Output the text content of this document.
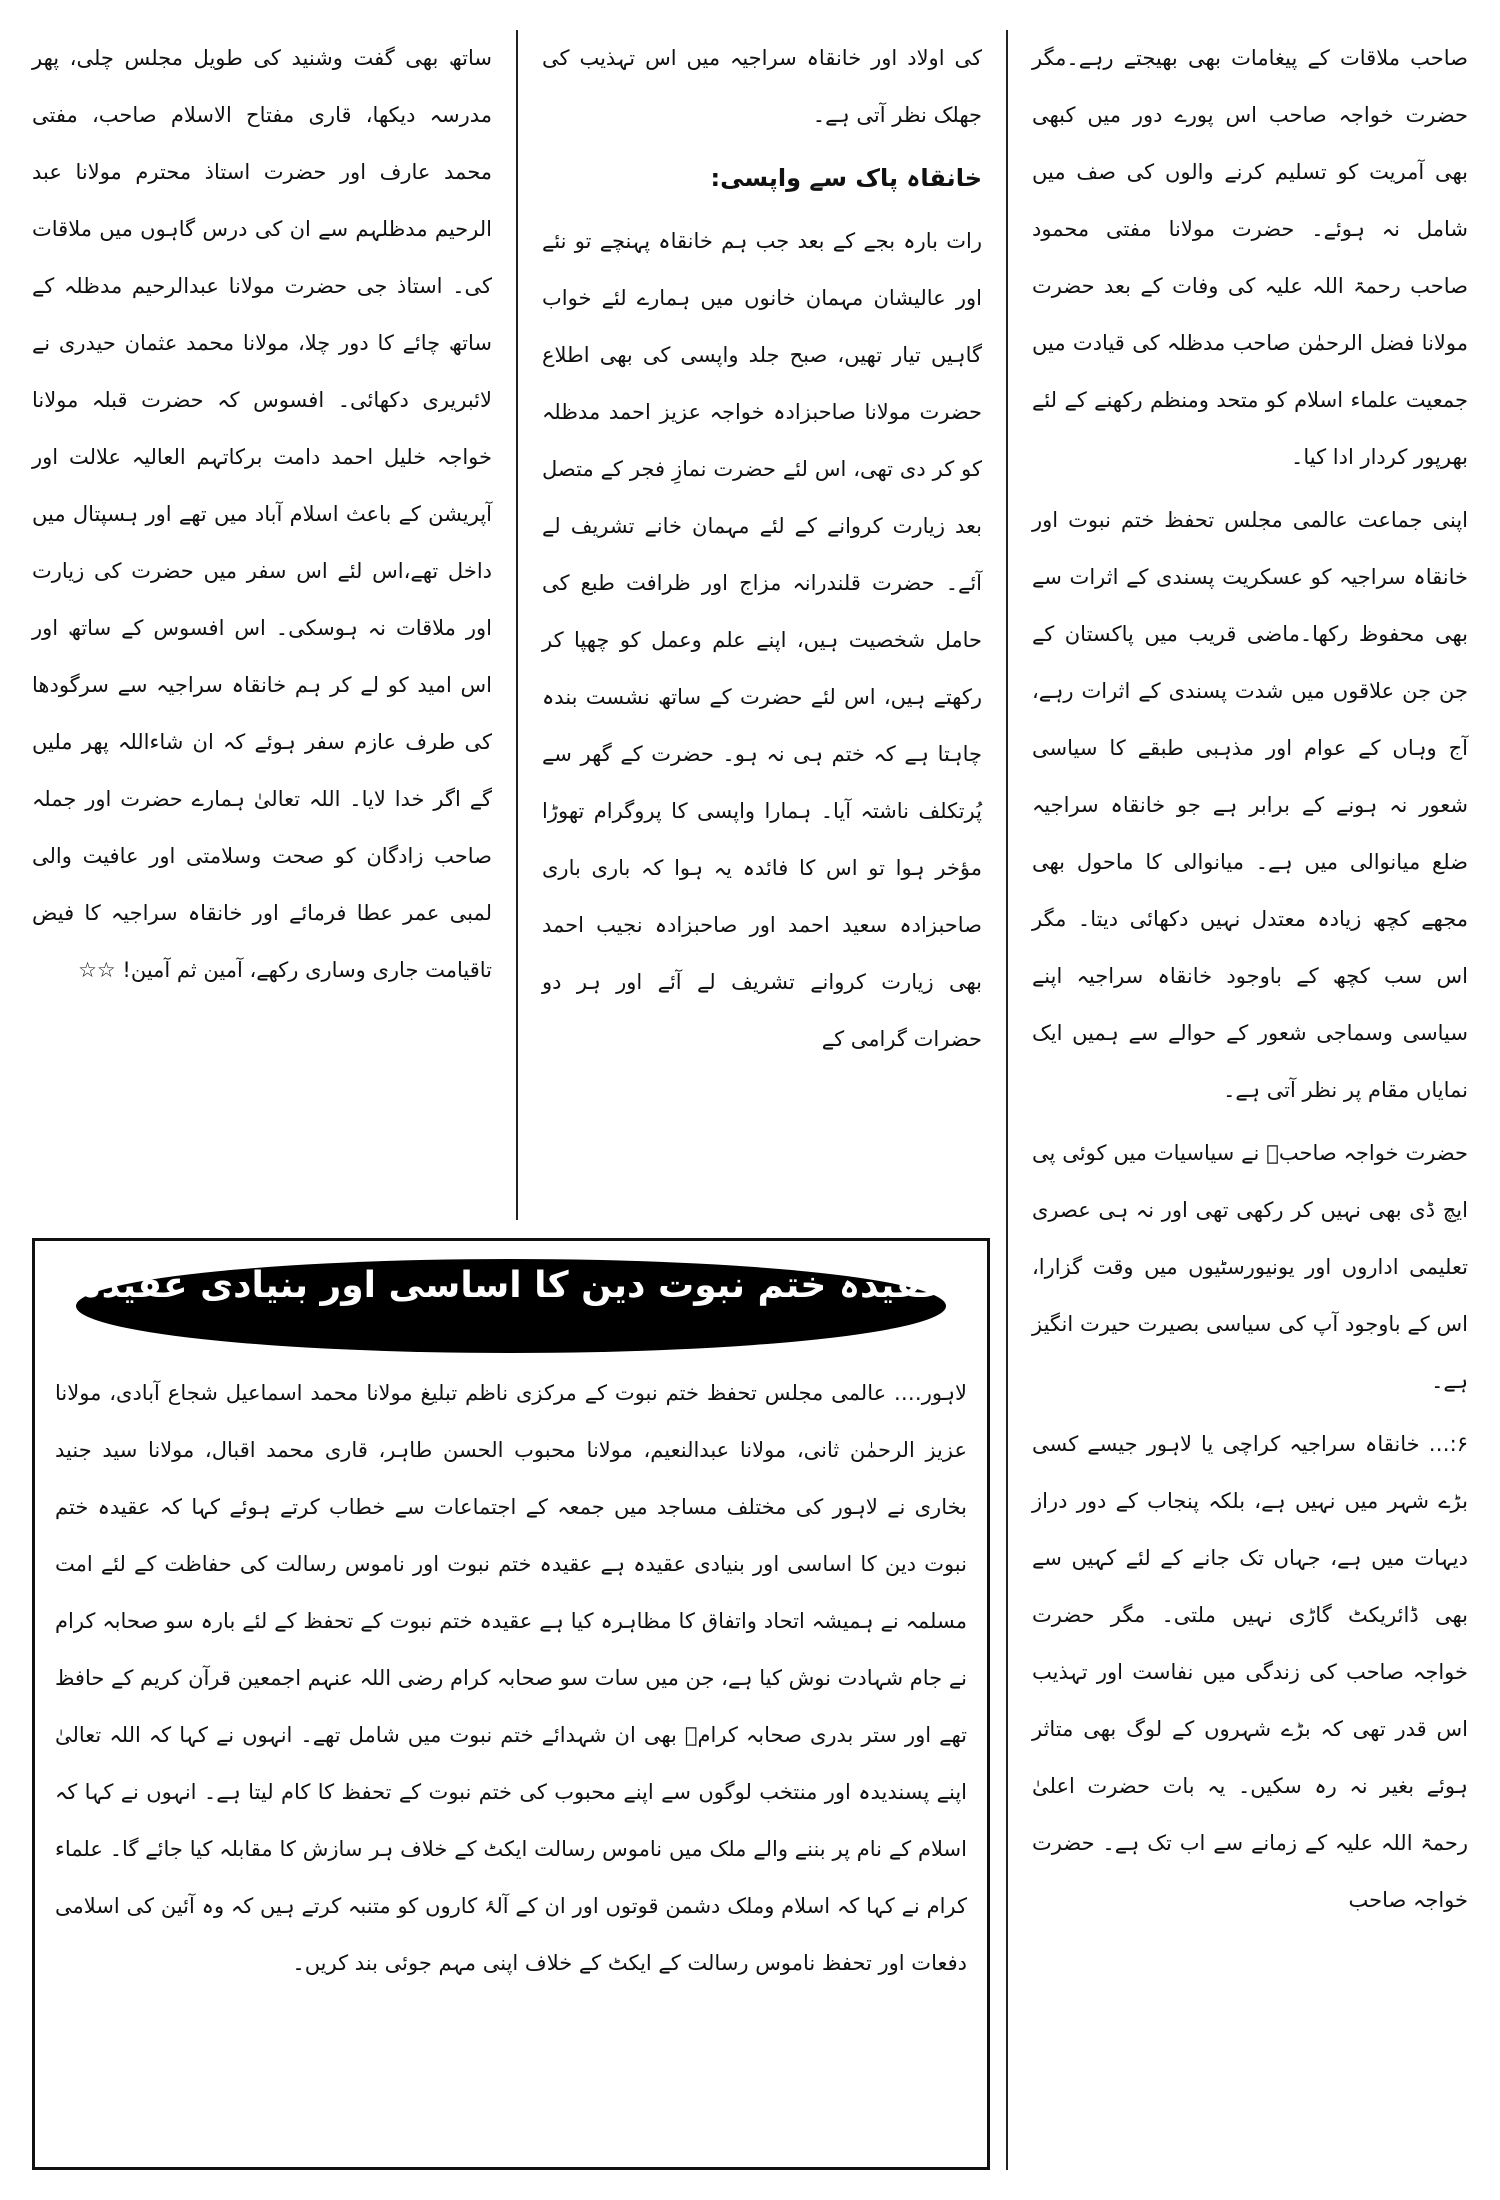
صاحب ملاقات کے پیغامات بھی بھیجتے رہے۔مگر حضرت خواجہ صاحب اس پورے دور میں کبھی بھی آمریت کو تسلیم کرنے والوں کی صف میں شامل نہ ہوئے۔ حضرت مولانا مفتی محمود صاحب رحمۃ اللہ علیہ کی وفات کے بعد حضرت مولانا فضل الرحمٰن صاحب مدظلہ کی قیادت میں جمعیت علماء اسلام کو متحد ومنظم رکھنے کے لئے بھرپور کردار ادا کیا۔

اپنی جماعت عالمی مجلس تحفظ ختم نبوت اور خانقاہ سراجیہ کو عسکریت پسندی کے اثرات سے بھی محفوظ رکھا۔ماضی قریب میں پاکستان کے جن جن علاقوں میں شدت پسندی کے اثرات رہے، آج وہاں کے عوام اور مذہبی طبقے کا سیاسی شعور نہ ہونے کے برابر ہے جو خانقاہ سراجیہ ضلع میانوالی میں ہے۔ میانوالی کا ماحول بھی مجھے کچھ زیادہ معتدل نہیں دکھائی دیتا۔ مگر اس سب کچھ کے باوجود خانقاہ سراجیہ اپنے سیاسی وسماجی شعور کے حوالے سے ہمیں ایک نمایاں مقام پر نظر آتی ہے۔

حضرت خواجہ صاحبؒ نے سیاسیات میں کوئی پی ایچ ڈی بھی نہیں کر رکھی تھی اور نہ ہی عصری تعلیمی اداروں اور یونیورسٹیوں میں وقت گزارا، اس کے باوجود آپ کی سیاسی بصیرت حیرت انگیز ہے۔

۶:… خانقاہ سراجیہ کراچی یا لاہور جیسے کسی بڑے شہر میں نہیں ہے، بلکہ پنجاب کے دور دراز دیہات میں ہے، جہاں تک جانے کے لئے کہیں سے بھی ڈائریکٹ گاڑی نہیں ملتی۔ مگر حضرت خواجہ صاحب کی زندگی میں نفاست اور تہذیب اس قدر تھی کہ بڑے شہروں کے لوگ بھی متاثر ہوئے بغیر نہ رہ سکیں۔ یہ بات حضرت اعلیٰ رحمۃ اللہ علیہ کے زمانے سے اب تک ہے۔ حضرت خواجہ صاحب

کی اولاد اور خانقاہ سراجیہ میں اس تہذیب کی جھلک نظر آتی ہے۔

خانقاہ پاک سے واپسی:

رات بارہ بجے کے بعد جب ہم خانقاہ پہنچے تو نئے اور عالیشان مہمان خانوں میں ہمارے لئے خواب گاہیں تیار تھیں، صبح جلد واپسی کی بھی اطلاع حضرت مولانا صاحبزادہ خواجہ عزیز احمد مدظلہ کو کر دی تھی، اس لئے حضرت نمازِ فجر کے متصل بعد زیارت کروانے کے لئے مہمان خانے تشریف لے آئے۔ حضرت قلندرانہ مزاج اور ظرافت طبع کی حامل شخصیت ہیں، اپنے علم وعمل کو چھپا کر رکھتے ہیں، اس لئے حضرت کے ساتھ نشست بندہ چاہتا ہے کہ ختم ہی نہ ہو۔ حضرت کے گھر سے پُرتکلف ناشتہ آیا۔ ہمارا واپسی کا پروگرام تھوڑا مؤخر ہوا تو اس کا فائدہ یہ ہوا کہ باری باری صاحبزادہ سعید احمد اور صاحبزادہ نجیب احمد بھی زیارت کروانے تشریف لے آئے اور ہر دو حضرات گرامی کے

ساتھ بھی گفت وشنید کی طویل مجلس چلی، پھر مدرسہ دیکھا، قاری مفتاح الاسلام صاحب، مفتی محمد عارف اور حضرت استاذ محترم مولانا عبد الرحیم مدظلہم سے ان کی درس گاہوں میں ملاقات کی۔ استاذ جی حضرت مولانا عبدالرحیم مدظلہ کے ساتھ چائے کا دور چلا، مولانا محمد عثمان حیدری نے لائبریری دکھائی۔ افسوس کہ حضرت قبلہ مولانا خواجہ خلیل احمد دامت برکاتہم العالیہ علالت اور آپریشن کے باعث اسلام آباد میں تھے اور ہسپتال میں داخل تھے،اس لئے اس سفر میں حضرت کی زیارت اور ملاقات نہ ہوسکی۔ اس افسوس کے ساتھ اور اس امید کو لے کر ہم خانقاہ سراجیہ سے سرگودھا کی طرف عازم سفر ہوئے کہ ان شاءاللہ پھر ملیں گے اگر خدا لایا۔ اللہ تعالیٰ ہمارے حضرت اور جملہ صاحب زادگان کو صحت وسلامتی اور عافیت والی لمبی عمر عطا فرمائے اور خانقاہ سراجیہ کا فیض تاقیامت جاری وساری رکھے، آمین ثم آمین! ☆☆

عقیدہ ختم نبوت دین کا اساسی اور بنیادی عقیدہ ہے
لاہور…. عالمی مجلس تحفظ ختم نبوت کے مرکزی ناظم تبلیغ مولانا محمد اسماعیل شجاع آبادی، مولانا عزیز الرحمٰن ثانی، مولانا عبدالنعیم، مولانا محبوب الحسن طاہر، قاری محمد اقبال، مولانا سید جنید بخاری نے لاہور کی مختلف مساجد میں جمعہ کے اجتماعات سے خطاب کرتے ہوئے کہا کہ عقیدہ ختم نبوت دین کا اساسی اور بنیادی عقیدہ ہے عقیدہ ختم نبوت اور ناموس رسالت کی حفاظت کے لئے امت مسلمہ نے ہمیشہ اتحاد واتفاق کا مظاہرہ کیا ہے عقیدہ ختم نبوت کے تحفظ کے لئے بارہ سو صحابہ کرام نے جام شہادت نوش کیا ہے، جن میں سات سو صحابہ کرام رضی اللہ عنہم اجمعین قرآن کریم کے حافظ تھے اور ستر بدری صحابہ کرامؓ بھی ان شہدائے ختم نبوت میں شامل تھے۔ انہوں نے کہا کہ اللہ تعالیٰ اپنے پسندیدہ اور منتخب لوگوں سے اپنے محبوب کی ختم نبوت کے تحفظ کا کام لیتا ہے۔ انہوں نے کہا کہ اسلام کے نام پر بننے والے ملک میں ناموس رسالت ایکٹ کے خلاف ہر سازش کا مقابلہ کیا جائے گا۔ علماء کرام نے کہا کہ اسلام وملک دشمن قوتوں اور ان کے آلۂ کاروں کو متنبہ کرتے ہیں کہ وہ آئین کی اسلامی دفعات اور تحفظ ناموس رسالت کے ایکٹ کے خلاف اپنی مہم جوئی بند کریں۔
